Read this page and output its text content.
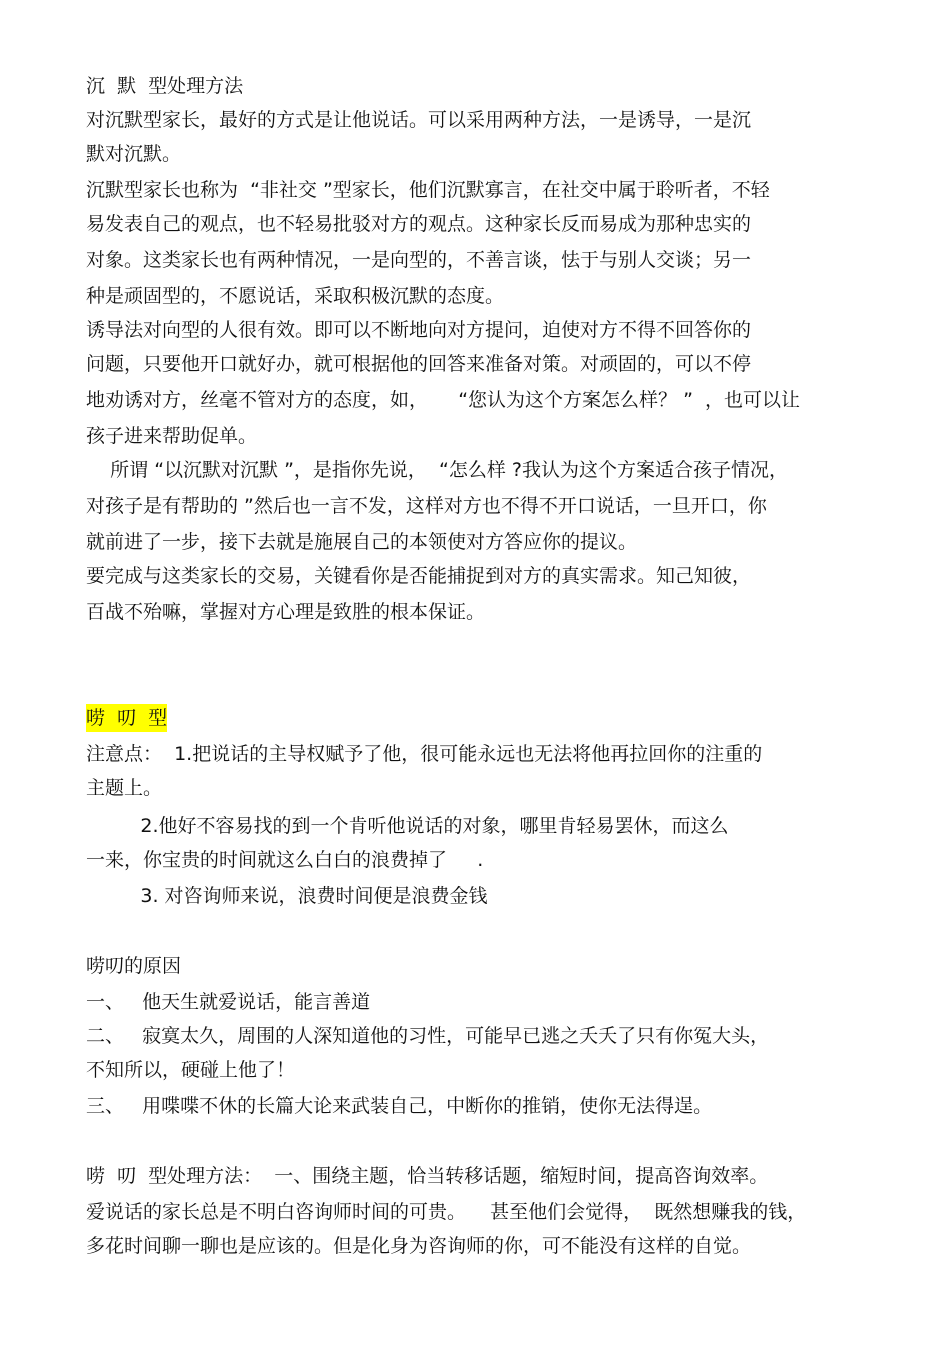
沉  默  型处理方法
对沉默型家长，最好的方式是让他说话。可以采用两种方法，一是诱导，一是沉
默对沉默。
沉默型家长也称为  “非社交 ”型家长，他们沉默寡言，在社交中属于聆听者，不轻
易发表自己的观点，也不轻易批驳对方的观点。这种家长反而易成为那种忠实的
对象。这类家长也有两种情况，一是向型的，不善言谈，怯于与别人交谈；另一
种是顽固型的，不愿说话，采取积极沉默的态度。
诱导法对向型的人很有效。即可以不断地向对方提问，迫使对方不得不回答你的
问题，只要他开口就好办，就可根据他的回答来准备对策。对顽固的，可以不停
地劝诱对方，丝毫不管对方的态度，如，     “您认为这个方案怎么样？ ”  ，也可以让
孩子进来帮助促单。
所谓 “以沉默对沉默 ”，是指你先说，  “怎么样 ?我认为这个方案适合孩子情况，
对孩子是有帮助的 ”然后也一言不发，这样对方也不得不开口说话，一旦开口，你
就前进了一步，接下去就是施展自己的本领使对方答应你的提议。
要完成与这类家长的交易，关键看你是否能捕捉到对方的真实需求。知己知彼，
百战不殆嘛，掌握对方心理是致胜的根本保证。
唠  叨  型
注意点：  1.把说话的主导权赋予了他，很可能永远也无法将他再拉回你的注重的
主题上。
2.他好不容易找的到一个肯听他说话的对象，哪里肯轻易罢休，而这么
一来，你宝贵的时间就这么白白的浪费掉了     .
3. 对咨询师来说，浪费时间便是浪费金钱
唠叨的原因
一、   他天生就爱说话，能言善道
二、   寂寞太久，周围的人深知道他的习性，可能早已逃之夭夭了只有你冤大头，
不知所以，硬碰上他了！
三、   用喋喋不休的长篇大论来武装自己，中断你的推销，使你无法得逞。
唠  叨  型处理方法：  一、围绕主题，恰当转移话题，缩短时间，提高咨询效率。
爱说话的家长总是不明白咨询师时间的可贵。    甚至他们会觉得，  既然想赚我的钱，
多花时间聊一聊也是应该的。但是化身为咨询师的你，可不能没有这样的自觉。
